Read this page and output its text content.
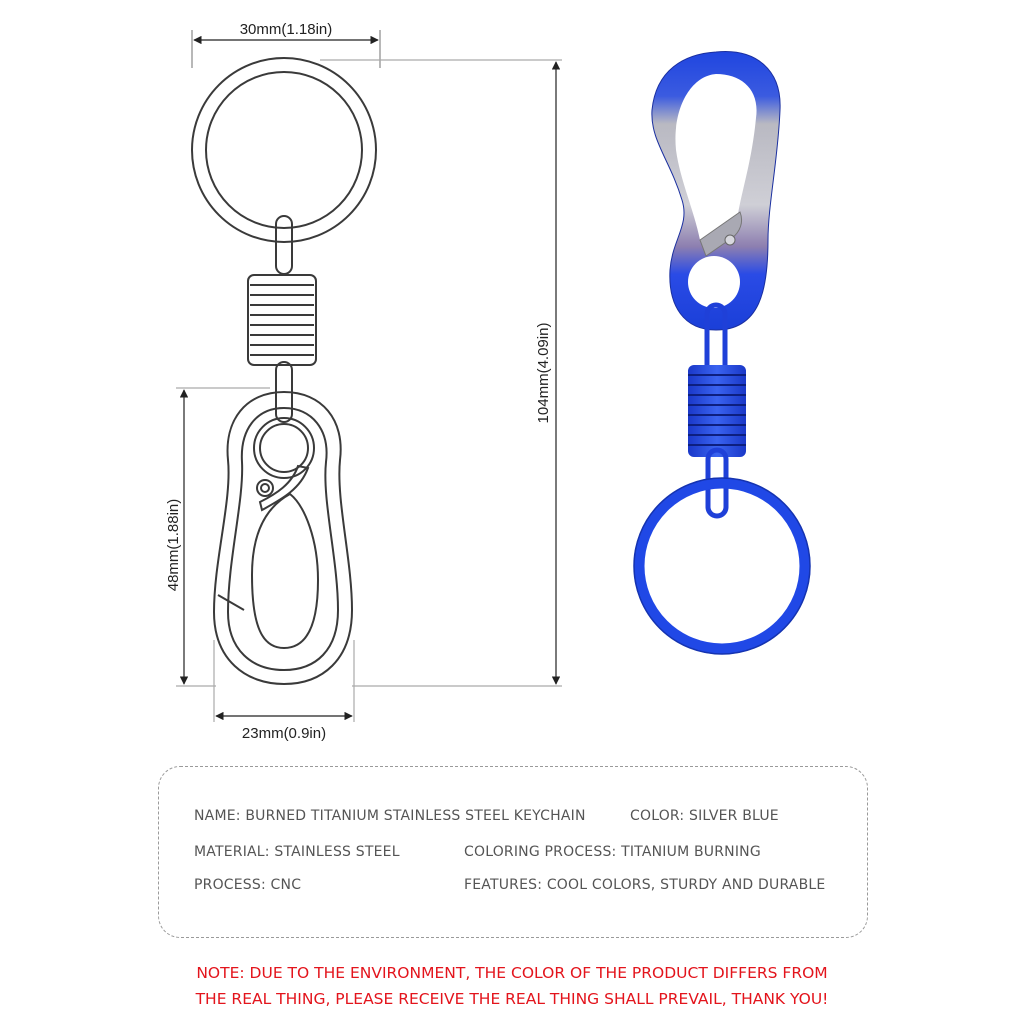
30mm(1.18in)
104mm(4.09in)
48mm(1.88in)
23mm(0.9in)
NAME: BURNED TITANIUM STAINLESS STEEL KEYCHAIN	COLOR: SILVER BLUE
MATERIAL: STAINLESS STEEL	COLORING PROCESS: TITANIUM BURNING
PROCESS: CNC	FEATURES: COOL COLORS, STURDY AND DURABLE
NOTE: DUE TO THE ENVIRONMENT, THE COLOR OF THE PRODUCT DIFFERS FROM
THE REAL THING, PLEASE RECEIVE THE REAL THING SHALL PREVAIL, THANK YOU!
